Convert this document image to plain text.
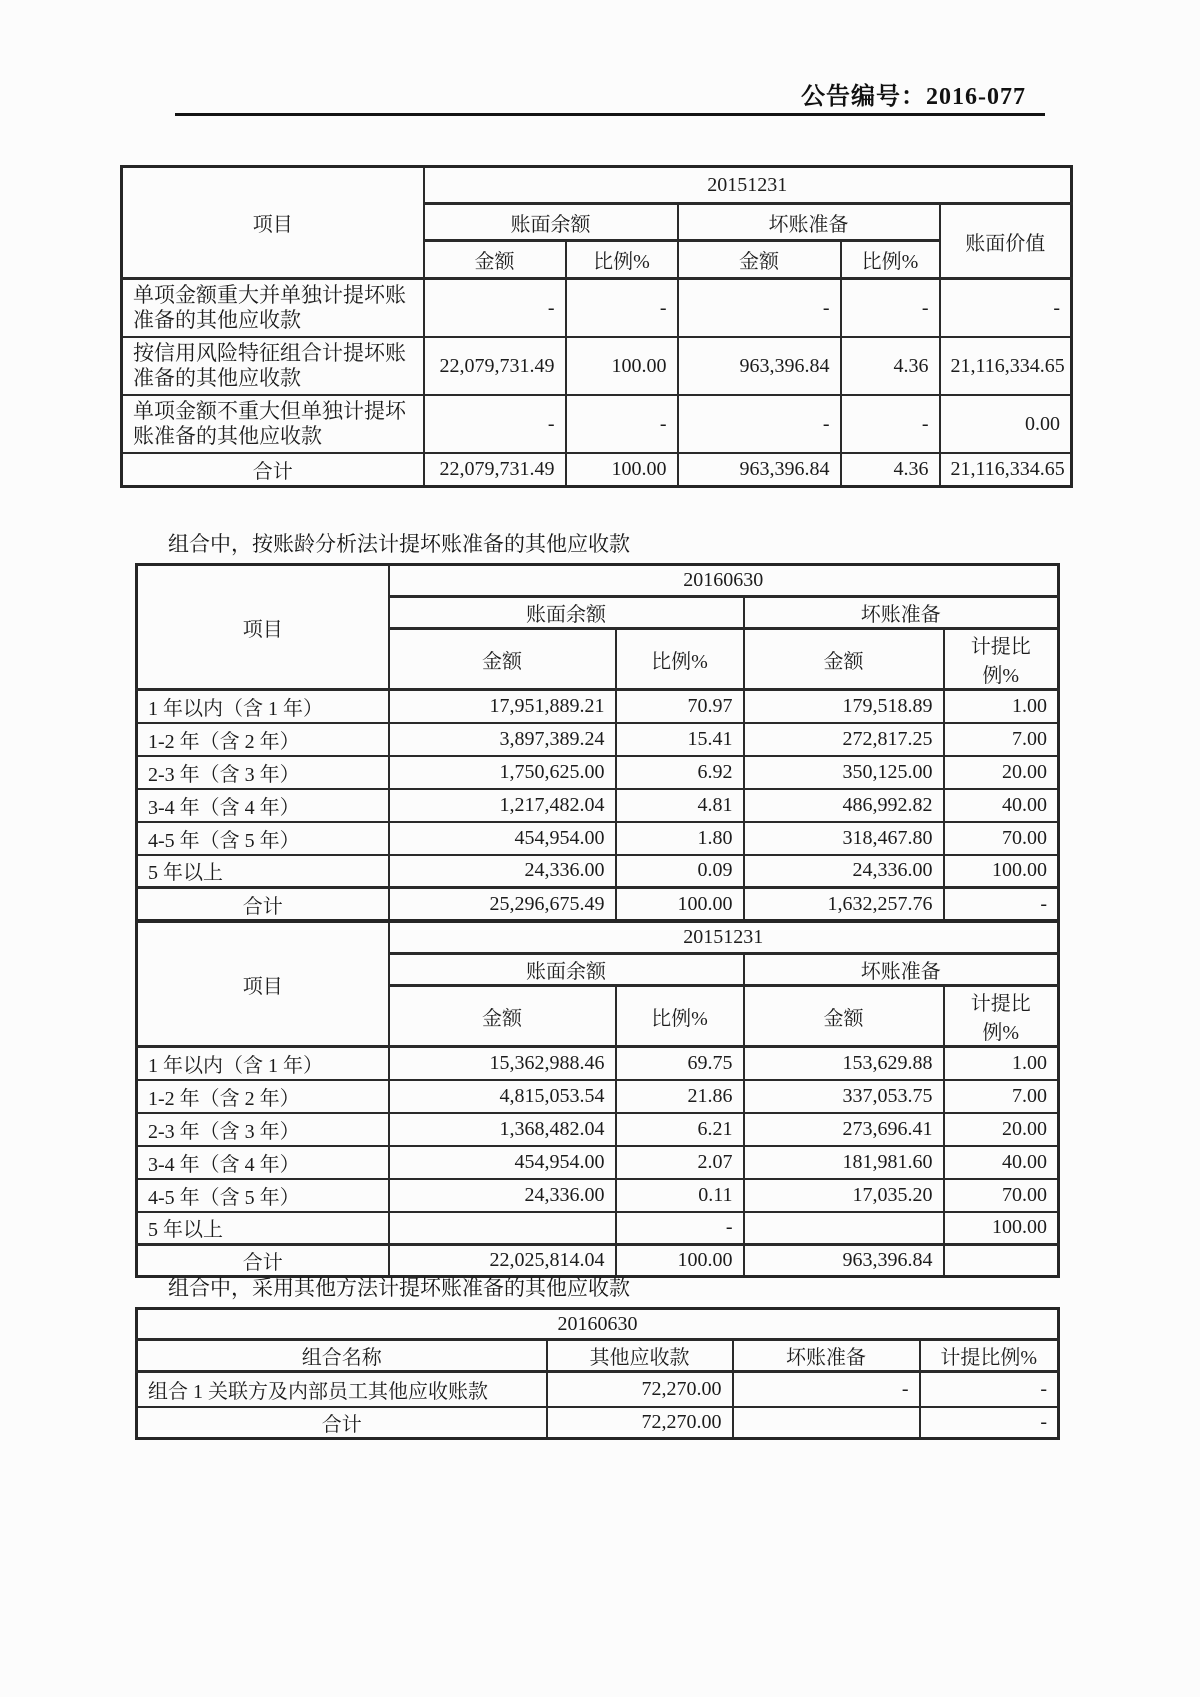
公告编号：2016-077
项目	20151231				
	账面余额		坏账准备		账面价值
	金额	比例%	金额	比例%	
单项金额重大并单独计提坏账准备的其他应收款	-	-	-	-	-
按信用风险特征组合计提坏账准备的其他应收款	22,079,731.49	100.00	963,396.84	4.36	21,116,334.65
单项金额不重大但单独计提坏账准备的其他应收款	-	-	-	-	0.00
合计	22,079,731.49	100.00	963,396.84	4.36	21,116,334.65
组合中，按账龄分析法计提坏账准备的其他应收款
项目	20160630			
	账面余额		坏账准备	
	金额	比例%	金额	计提比例%
1 年以内（含 1 年）	17,951,889.21	70.97	179,518.89	1.00
1-2 年（含 2 年）	3,897,389.24	15.41	272,817.25	7.00
2-3 年（含 3 年）	1,750,625.00	6.92	350,125.00	20.00
3-4 年（含 4 年）	1,217,482.04	4.81	486,992.82	40.00
4-5 年（含 5 年）	454,954.00	1.80	318,467.80	70.00
5 年以上	24,336.00	0.09	24,336.00	100.00
合计	25,296,675.49	100.00	1,632,257.76	-
项目	20151231			
	账面余额		坏账准备	
	金额	比例%	金额	计提比例%
1 年以内（含 1 年）	15,362,988.46	69.75	153,629.88	1.00
1-2 年（含 2 年）	4,815,053.54	21.86	337,053.75	7.00
2-3 年（含 3 年）	1,368,482.04	6.21	273,696.41	20.00
3-4 年（含 4 年）	454,954.00	2.07	181,981.60	40.00
4-5 年（含 5 年）	24,336.00	0.11	17,035.20	70.00
5 年以上		-		100.00
合计	22,025,814.04	100.00	963,396.84	
组合中，采用其他方法计提坏账准备的其他应收款
20160630			
组合名称	其他应收款	坏账准备	计提比例%
组合 1 关联方及内部员工其他应收账款	72,270.00	-	-
合计	72,270.00		-
